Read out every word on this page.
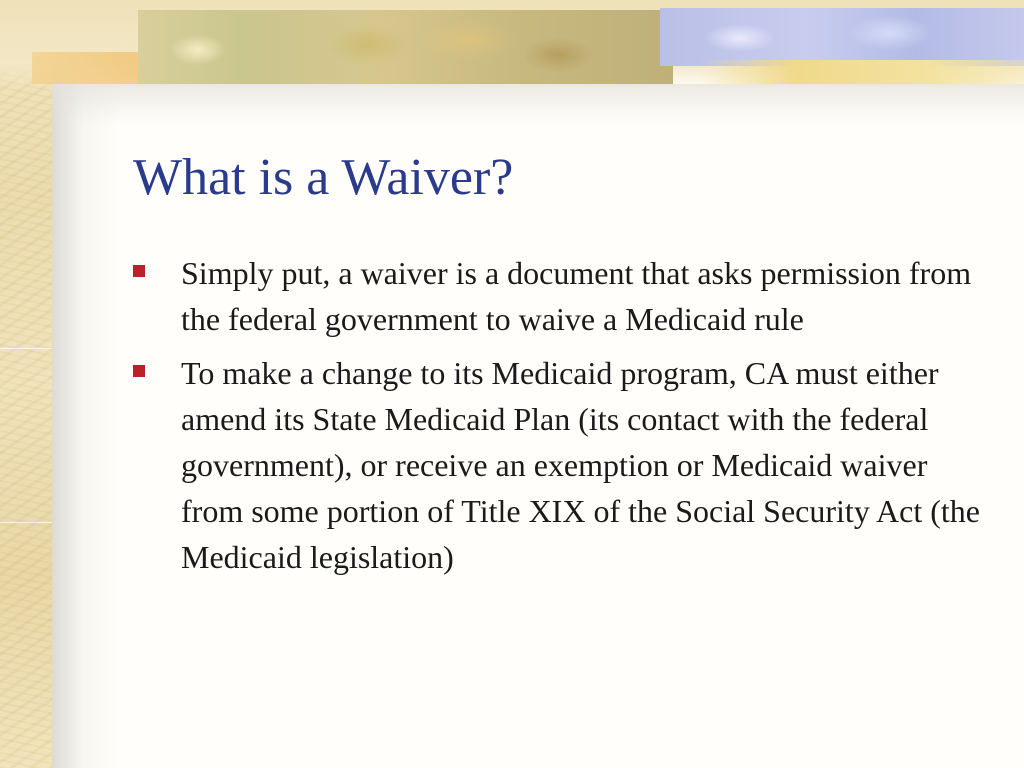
What is a Waiver?
Simply put, a waiver is a document that asks permission from the federal government to waive a Medicaid rule
To make a change to its Medicaid program, CA must either amend its State Medicaid Plan (its contact with the federal government), or receive an exemption or Medicaid waiver from some portion of Title XIX of the Social Security Act (the Medicaid legislation)
